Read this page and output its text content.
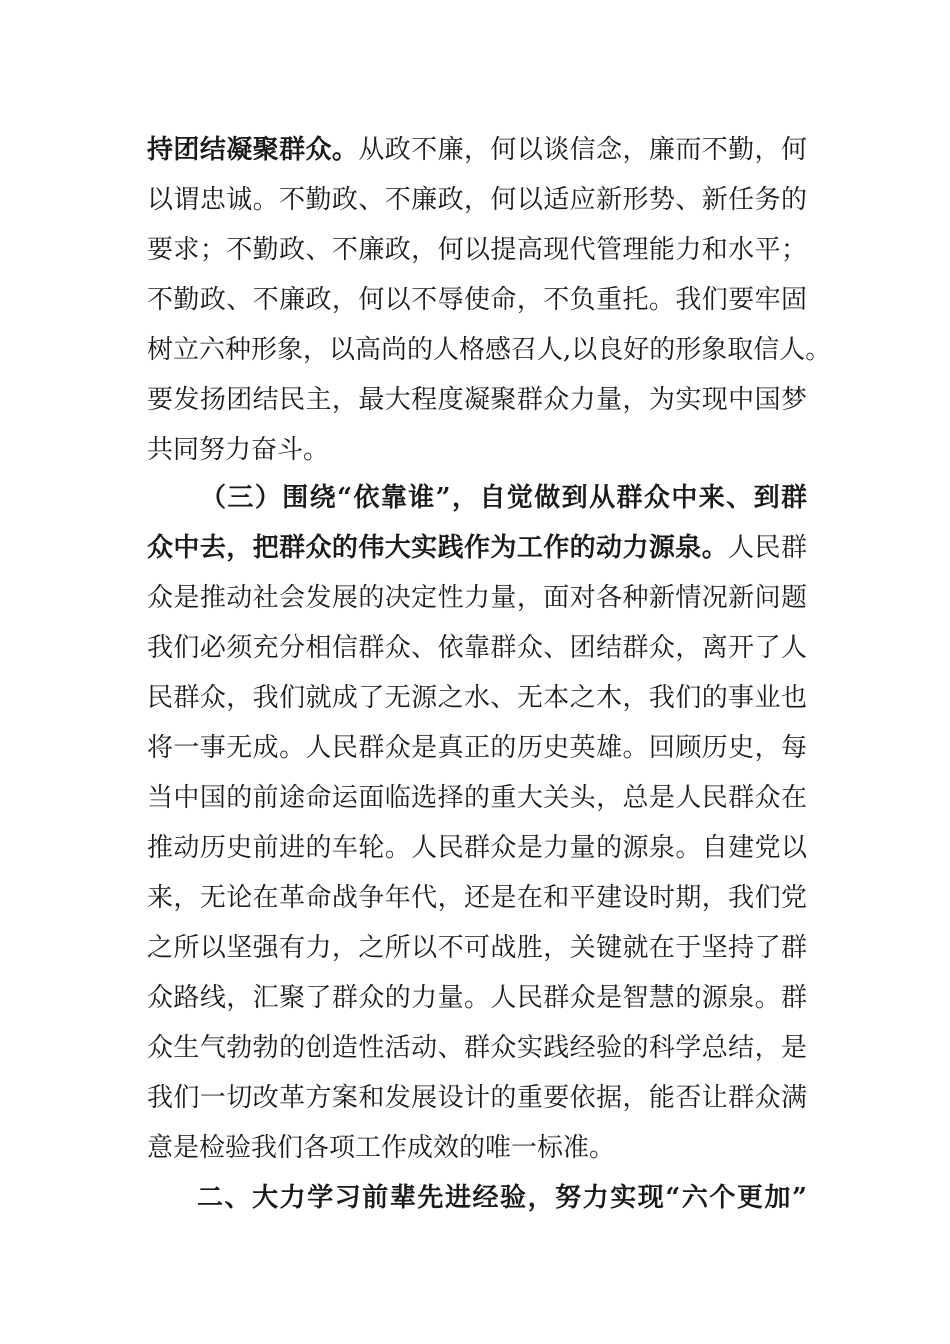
持团结凝聚群众。从政不廉，何以谈信念，廉而不勤，何
以谓忠诚。不勤政、不廉政，何以适应新形势、新任务的
要求；不勤政、不廉政，何以提高现代管理能力和水平；
不勤政、不廉政，何以不辱使命，不负重托。我们要牢固
树立六种形象，以高尚的人格感召人,以良好的形象取信人。
要发扬团结民主，最大程度凝聚群众力量，为实现中国梦
共同努力奋斗。
（三）围绕“依靠谁”，自觉做到从群众中来、到群
众中去，把群众的伟大实践作为工作的动力源泉。人民群
众是推动社会发展的决定性力量，面对各种新情况新问题
我们必须充分相信群众、依靠群众、团结群众，离开了人
民群众，我们就成了无源之水、无本之木，我们的事业也
将一事无成。人民群众是真正的历史英雄。回顾历史，每
当中国的前途命运面临选择的重大关头，总是人民群众在
推动历史前进的车轮。人民群众是力量的源泉。自建党以
来，无论在革命战争年代，还是在和平建设时期，我们党
之所以坚强有力，之所以不可战胜，关键就在于坚持了群
众路线，汇聚了群众的力量。人民群众是智慧的源泉。群
众生气勃勃的创造性活动、群众实践经验的科学总结，是
我们一切改革方案和发展设计的重要依据，能否让群众满
意是检验我们各项工作成效的唯一标准。
二、大力学习前辈先进经验，努力实现“六个更加”
